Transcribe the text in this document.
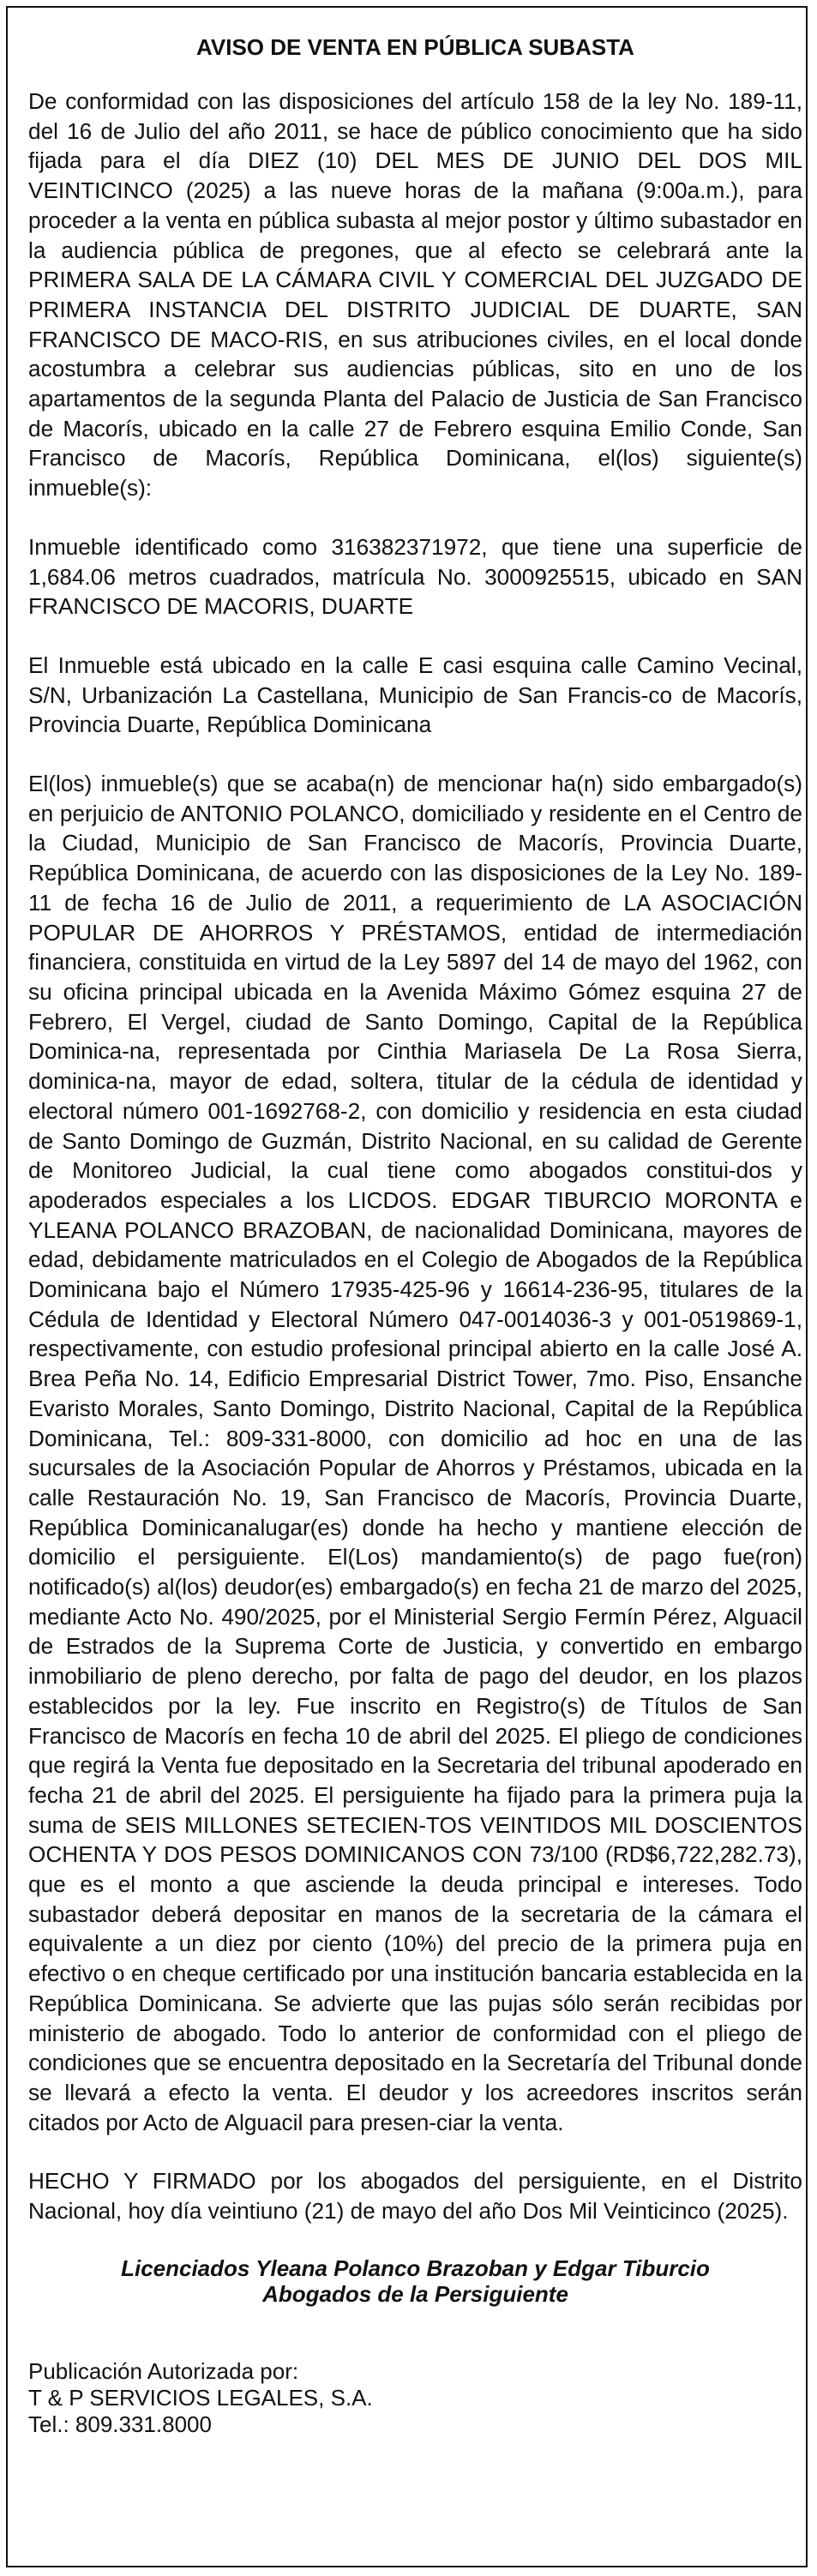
AVISO DE VENTA EN PÚBLICA SUBASTA

De conformidad con las disposiciones del artículo 158 de la ley No. 189-11, del 16 de Julio del año 2011, se hace de público conocimiento que ha sido fijada para el día DIEZ (10) DEL MES DE JUNIO DEL DOS MIL VEINTICINCO (2025) a las nueve horas de la mañana (9:00a.m.), para proceder a la venta en pública subasta al mejor postor y último subastador en la audiencia pública de pregones, que al efecto se celebrará ante la PRIMERA SALA DE LA CÁMARA CIVIL Y COMERCIAL DEL JUZGADO DE PRIMERA INSTANCIA DEL DISTRITO JUDICIAL DE DUARTE, SAN FRANCISCO DE MACO-RIS, en sus atribuciones civiles, en el local donde acostumbra a celebrar sus audiencias públicas, sito en uno de los apartamentos de la segunda Planta del Palacio de Justicia de San Francisco de Macorís, ubicado en la calle 27 de Febrero esquina Emilio Conde, San Francisco de Macorís, República Dominicana, el(los) siguiente(s) inmueble(s):

Inmueble identificado como 316382371972, que tiene una superficie de 1,684.06 metros cuadrados, matrícula No. 3000925515, ubicado en SAN FRANCISCO DE MACORIS, DUARTE

El Inmueble está ubicado en la calle E casi esquina calle Camino Vecinal, S/N, Urbanización La Castellana, Municipio de San Francis-co de Macorís, Provincia Duarte, República Dominicana

El(los) inmueble(s) que se acaba(n) de mencionar ha(n) sido embargado(s) en perjuicio de ANTONIO POLANCO, domiciliado y residente en el Centro de la Ciudad, Municipio de San Francisco de Macorís, Provincia Duarte, República Dominicana, de acuerdo con las disposiciones de la Ley No. 189-11 de fecha 16 de Julio de 2011, a requerimiento de LA ASOCIACIÓN POPULAR DE AHORROS Y PRÉSTAMOS, entidad de intermediación financiera, constituida en virtud de la Ley 5897 del 14 de mayo del 1962, con su oficina principal ubicada en la Avenida Máximo Gómez esquina 27 de Febrero, El Vergel, ciudad de Santo Domingo, Capital de la República Dominica-na, representada por Cinthia Mariasela De La Rosa Sierra, dominica-na, mayor de edad, soltera, titular de la cédula de identidad y electoral número 001-1692768-2, con domicilio y residencia en esta ciudad de Santo Domingo de Guzmán, Distrito Nacional, en su calidad de Gerente de Monitoreo Judicial, la cual tiene como abogados constitui-dos y apoderados especiales a los LICDOS. EDGAR TIBURCIO MORONTA e YLEANA POLANCO BRAZOBAN, de nacionalidad Dominicana, mayores de edad, debidamente matriculados en el Colegio de Abogados de la República Dominicana bajo el Número 17935-425-96 y 16614-236-95, titulares de la Cédula de Identidad y Electoral Número 047-0014036-3 y 001-0519869-1, respectivamente, con estudio profesional principal abierto en la calle José A. Brea Peña No. 14, Edificio Empresarial District Tower, 7mo. Piso, Ensanche Evaristo Morales, Santo Domingo, Distrito Nacional, Capital de la República Dominicana, Tel.: 809-331-8000, con domicilio ad hoc en una de las sucursales de la Asociación Popular de Ahorros y Préstamos, ubicada en la calle Restauración No. 19, San Francisco de Macorís, Provincia Duarte, República Dominicanalugar(es) donde ha hecho y mantiene elección de domicilio el persiguiente. El(Los) mandamiento(s) de pago fue(ron) notificado(s) al(los) deudor(es) embargado(s) en fecha 21 de marzo del 2025, mediante Acto No. 490/2025, por el Ministerial Sergio Fermín Pérez, Alguacil de Estrados de la Suprema Corte de Justicia, y convertido en embargo inmobiliario de pleno derecho, por falta de pago del deudor, en los plazos establecidos por la ley. Fue inscrito en Registro(s) de Títulos de San Francisco de Macorís en fecha 10 de abril del 2025. El pliego de condiciones que regirá la Venta fue depositado en la Secretaria del tribunal apoderado en fecha 21 de abril del 2025. El persiguiente ha fijado para la primera puja la suma de SEIS MILLONES SETECIEN-TOS VEINTIDOS MIL DOSCIENTOS OCHENTA Y DOS PESOS DOMINICANOS CON 73/100 (RD$6,722,282.73), que es el monto a que asciende la deuda principal e intereses. Todo subastador deberá depositar en manos de la secretaria de la cámara el equivalente a un diez por ciento (10%) del precio de la primera puja en efectivo o en cheque certificado por una institución bancaria establecida en la República Dominicana. Se advierte que las pujas sólo serán recibidas por ministerio de abogado. Todo lo anterior de conformidad con el pliego de condiciones que se encuentra depositado en la Secretaría del Tribunal donde se llevará a efecto la venta. El deudor y los acreedores inscritos serán citados por Acto de Alguacil para presen-ciar la venta.

HECHO Y FIRMADO por los abogados del persiguiente, en el Distrito Nacional, hoy día veintiuno (21) de mayo del año Dos Mil Veinticinco (2025).

Licenciados Yleana Polanco Brazoban y Edgar Tiburcio
Abogados de la Persiguiente
Publicación Autorizada por:
T & P SERVICIOS LEGALES, S.A.
Tel.: 809.331.8000
